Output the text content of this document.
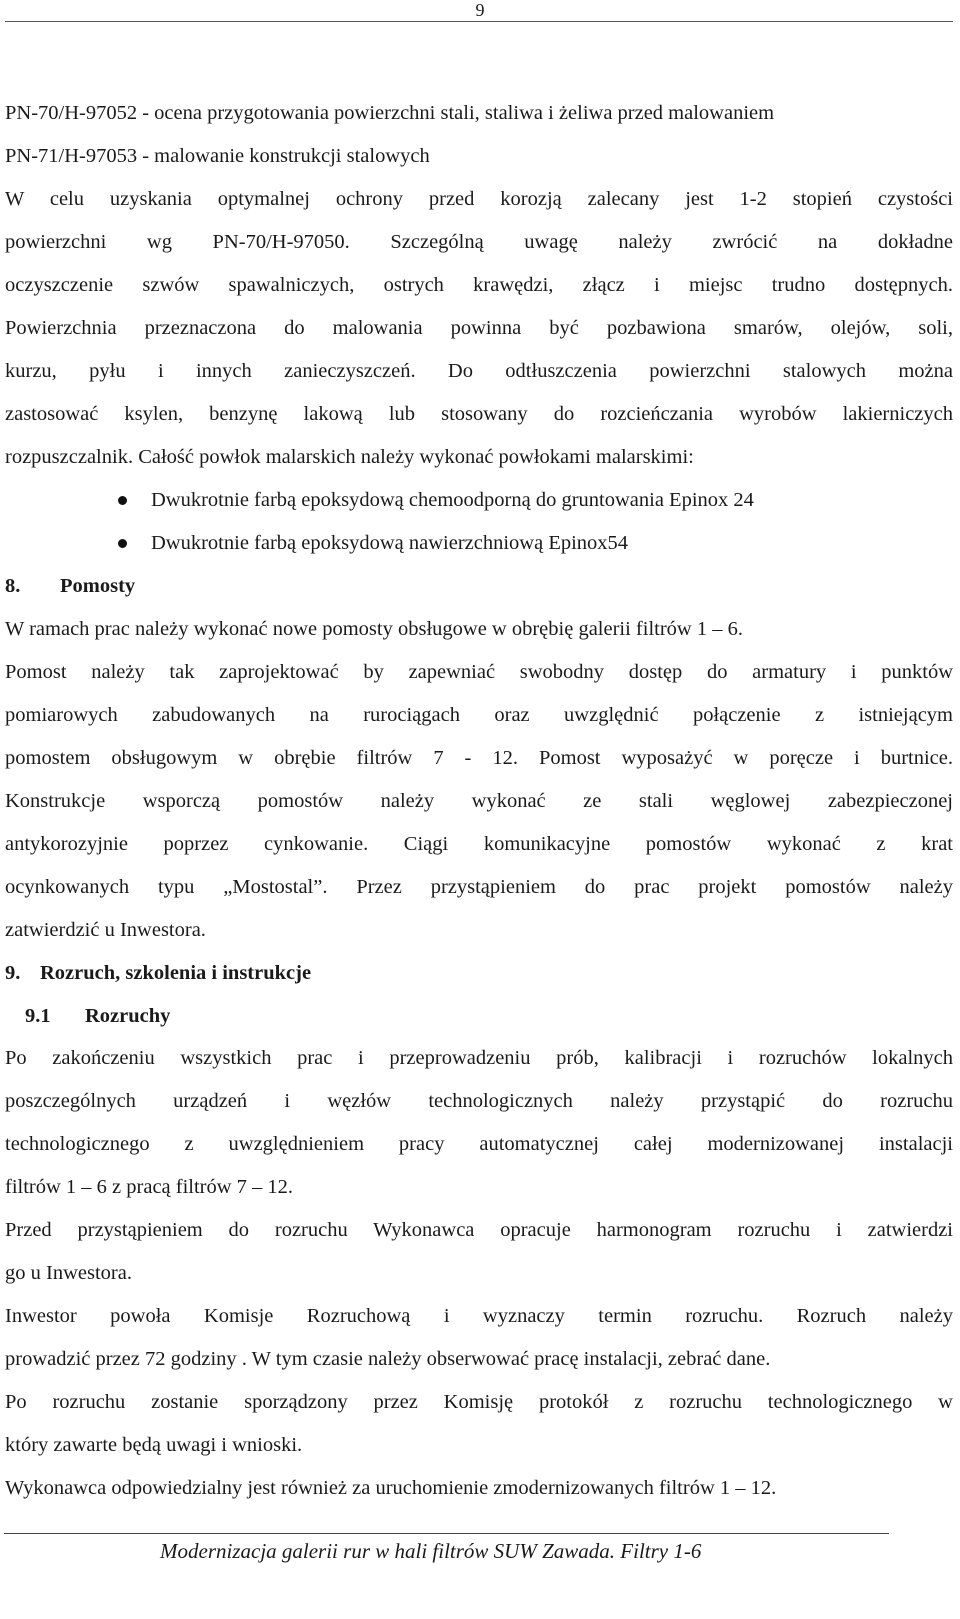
9
PN-70/H-97052 - ocena przygotowania powierzchni stali, staliwa i żeliwa przed malowaniem
PN-71/H-97053 - malowanie konstrukcji stalowych
W celu uzyskania optymalnej ochrony przed korozją zalecany jest 1-2 stopień czystości
powierzchni wg PN-70/H-97050. Szczególną uwagę należy zwrócić na dokładne
oczyszczenie szwów spawalniczych, ostrych krawędzi, złącz i miejsc trudno dostępnych.
Powierzchnia przeznaczona do malowania powinna być pozbawiona smarów, olejów, soli,
kurzu, pyłu i innych zanieczyszczeń. Do odtłuszczenia powierzchni stalowych można
zastosować ksylen, benzynę lakową lub stosowany do rozcieńczania wyrobów lakierniczych
rozpuszczalnik. Całość powłok malarskich należy wykonać powłokami malarskimi:
Dwukrotnie farbą epoksydową chemoodporną do gruntowania Epinox 24
Dwukrotnie farbą epoksydową nawierzchniową Epinox54
8. Pomosty
W ramach prac należy wykonać nowe pomosty obsługowe w obrębię galerii filtrów 1 – 6.
Pomost należy tak zaprojektować by zapewniać swobodny dostęp do armatury i punktów
pomiarowych zabudowanych na rurociągach oraz uwzględnić połączenie z istniejącym
pomostem obsługowym w obrębie filtrów 7 - 12. Pomost wyposażyć w poręcze i burtnice.
Konstrukcje wsporczą pomostów należy wykonać ze stali węglowej zabezpieczonej
antykorozyjnie poprzez cynkowanie. Ciągi komunikacyjne pomostów wykonać z krat
ocynkowanych typu „Mostostal”. Przez przystąpieniem do prac projekt pomostów należy
zatwierdzić u Inwestora.
9. Rozruch, szkolenia i instrukcje
9.1 Rozruchy
Po zakończeniu wszystkich prac i przeprowadzeniu prób, kalibracji i rozruchów lokalnych
poszczególnych urządzeń i węzłów technologicznych należy przystąpić do rozruchu
technologicznego z uwzględnieniem pracy automatycznej całej modernizowanej instalacji
filtrów 1 – 6 z pracą filtrów 7 – 12.
Przed przystąpieniem do rozruchu Wykonawca opracuje harmonogram rozruchu i zatwierdzi
go u Inwestora.
Inwestor powoła Komisje Rozruchową i wyznaczy termin rozruchu. Rozruch należy
prowadzić przez 72 godziny . W tym czasie należy obserwować pracę instalacji, zebrać dane.
Po rozruchu zostanie sporządzony przez Komisję protokół z rozruchu technologicznego w
który zawarte będą uwagi i wnioski.
Wykonawca odpowiedzialny jest również za uruchomienie zmodernizowanych filtrów 1 – 12.
Modernizacja galerii rur w hali filtrów SUW Zawada. Filtry 1-6
